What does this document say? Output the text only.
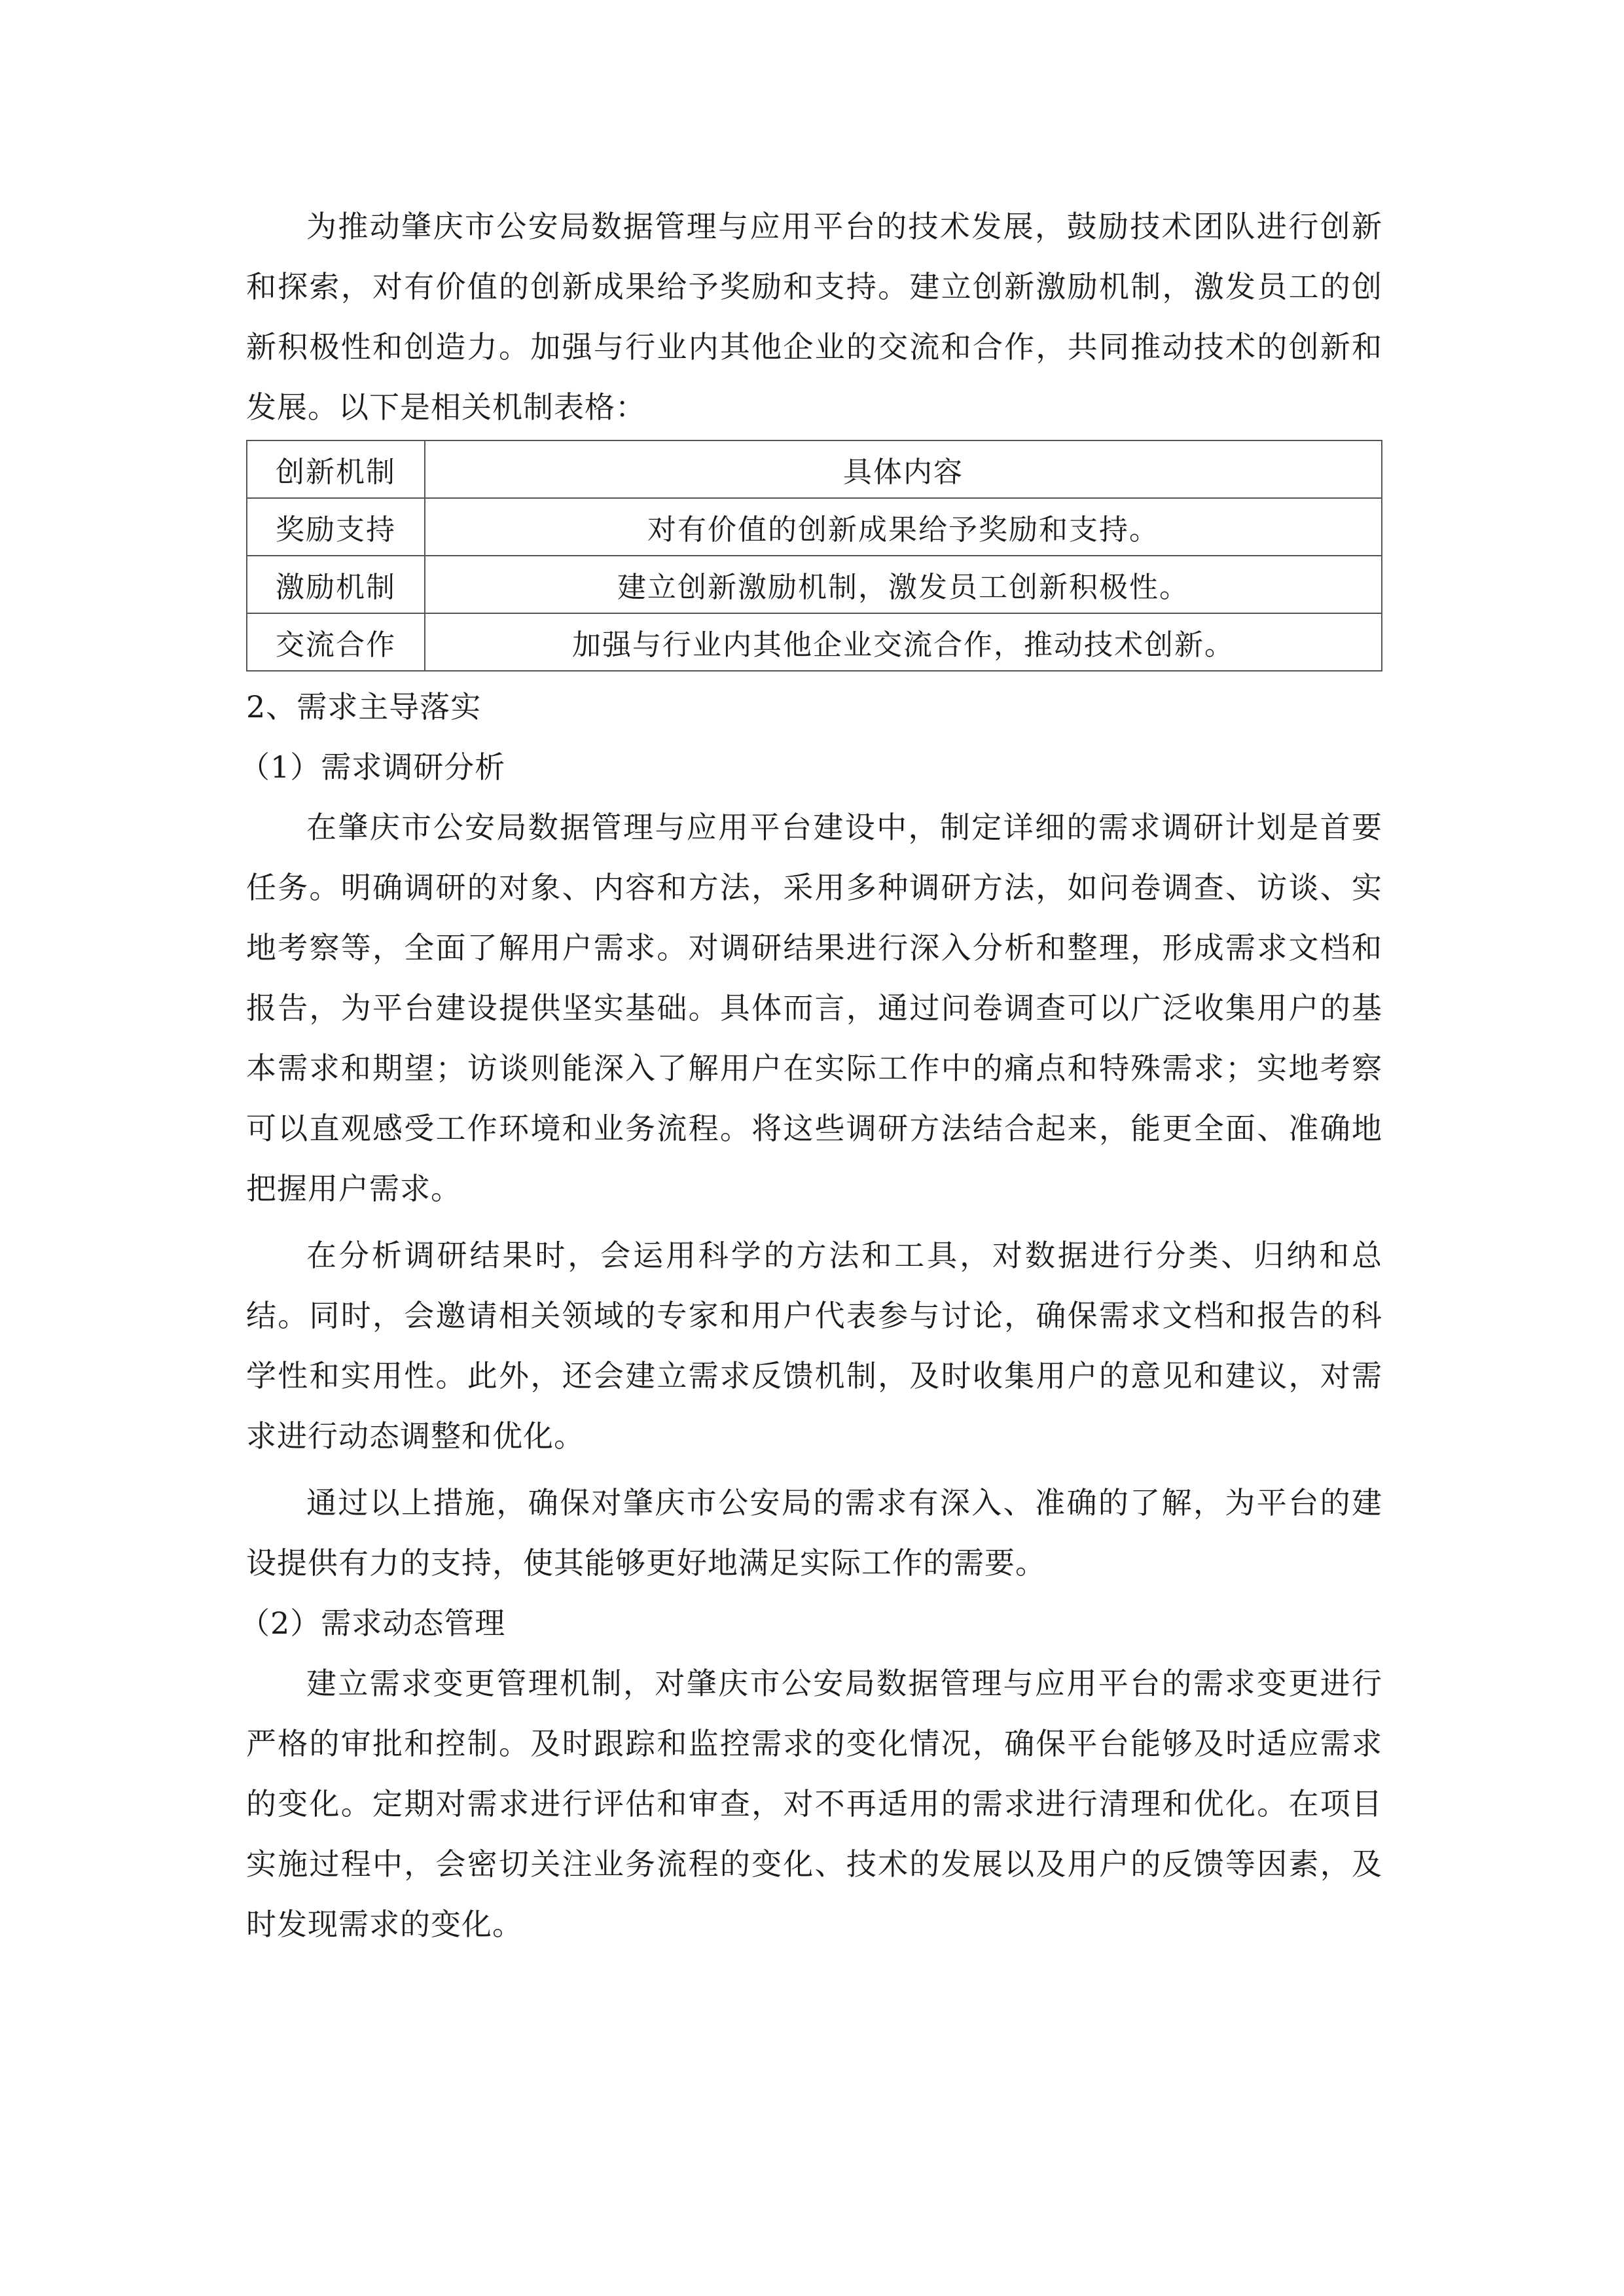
为推动肇庆市公安局数据管理与应用平台的技术发展，鼓励技术团队进行创新和探索，对有价值的创新成果给予奖励和支持。建立创新激励机制，激发员工的创新积极性和创造力。加强与行业内其他企业的交流和合作，共同推动技术的创新和发展。以下是相关机制表格：

创新机制	具体内容
奖励支持	对有价值的创新成果给予奖励和支持。
激励机制	建立创新激励机制，激发员工创新积极性。
交流合作	加强与行业内其他企业交流合作，推动技术创新。

2、需求主导落实

（1）需求调研分析

在肇庆市公安局数据管理与应用平台建设中，制定详细的需求调研计划是首要任务。明确调研的对象、内容和方法，采用多种调研方法，如问卷调查、访谈、实地考察等，全面了解用户需求。对调研结果进行深入分析和整理，形成需求文档和报告，为平台建设提供坚实基础。具体而言，通过问卷调查可以广泛收集用户的基本需求和期望；访谈则能深入了解用户在实际工作中的痛点和特殊需求；实地考察可以直观感受工作环境和业务流程。将这些调研方法结合起来，能更全面、准确地把握用户需求。

在分析调研结果时，会运用科学的方法和工具，对数据进行分类、归纳和总结。同时，会邀请相关领域的专家和用户代表参与讨论，确保需求文档和报告的科学性和实用性。此外，还会建立需求反馈机制，及时收集用户的意见和建议，对需求进行动态调整和优化。

通过以上措施，确保对肇庆市公安局的需求有深入、准确的了解，为平台的建设提供有力的支持，使其能够更好地满足实际工作的需要。

（2）需求动态管理

建立需求变更管理机制，对肇庆市公安局数据管理与应用平台的需求变更进行严格的审批和控制。及时跟踪和监控需求的变化情况，确保平台能够及时适应需求的变化。定期对需求进行评估和审查，对不再适用的需求进行清理和优化。在项目实施过程中，会密切关注业务流程的变化、技术的发展以及用户的反馈等因素，及时发现需求的变化。
